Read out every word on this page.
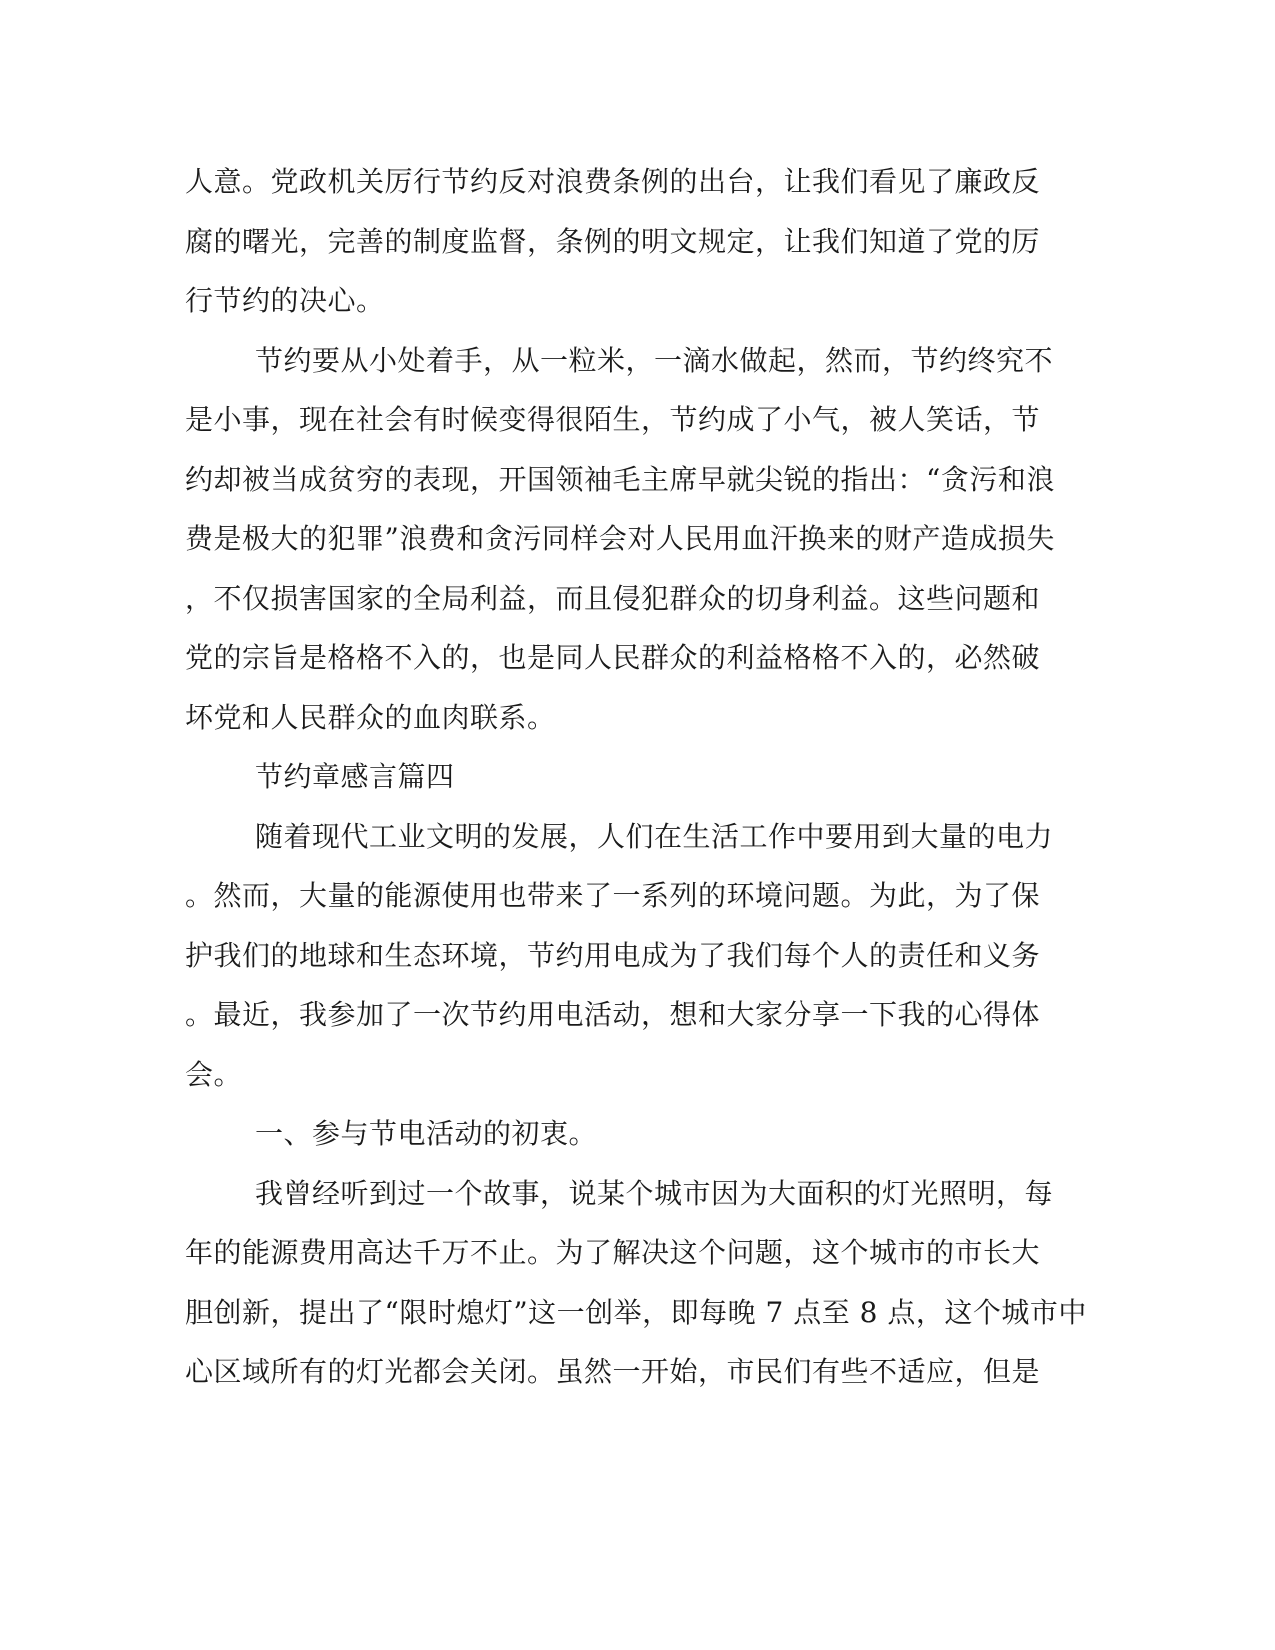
人意。党政机关厉行节约反对浪费条例的出台，让我们看见了廉政反
腐的曙光，完善的制度监督，条例的明文规定，让我们知道了党的厉
行节约的决心。
节约要从小处着手，从一粒米，一滴水做起，然而，节约终究不
是小事，现在社会有时候变得很陌生，节约成了小气，被人笑话，节
约却被当成贫穷的表现，开国领袖毛主席早就尖锐的指出：“贪污和浪
费是极大的犯罪”浪费和贪污同样会对人民用血汗换来的财产造成损失
，不仅损害国家的全局利益，而且侵犯群众的切身利益。这些问题和
党的宗旨是格格不入的，也是同人民群众的利益格格不入的，必然破
坏党和人民群众的血肉联系。
节约章感言篇四
随着现代工业文明的发展，人们在生活工作中要用到大量的电力
。然而，大量的能源使用也带来了一系列的环境问题。为此，为了保
护我们的地球和生态环境，节约用电成为了我们每个人的责任和义务
。最近，我参加了一次节约用电活动，想和大家分享一下我的心得体
会。
一、参与节电活动的初衷。
我曾经听到过一个故事，说某个城市因为大面积的灯光照明，每
年的能源费用高达千万不止。为了解决这个问题，这个城市的市长大
胆创新，提出了“限时熄灯”这一创举，即每晚 7 点至 8 点，这个城市中
心区域所有的灯光都会关闭。虽然一开始，市民们有些不适应，但是
